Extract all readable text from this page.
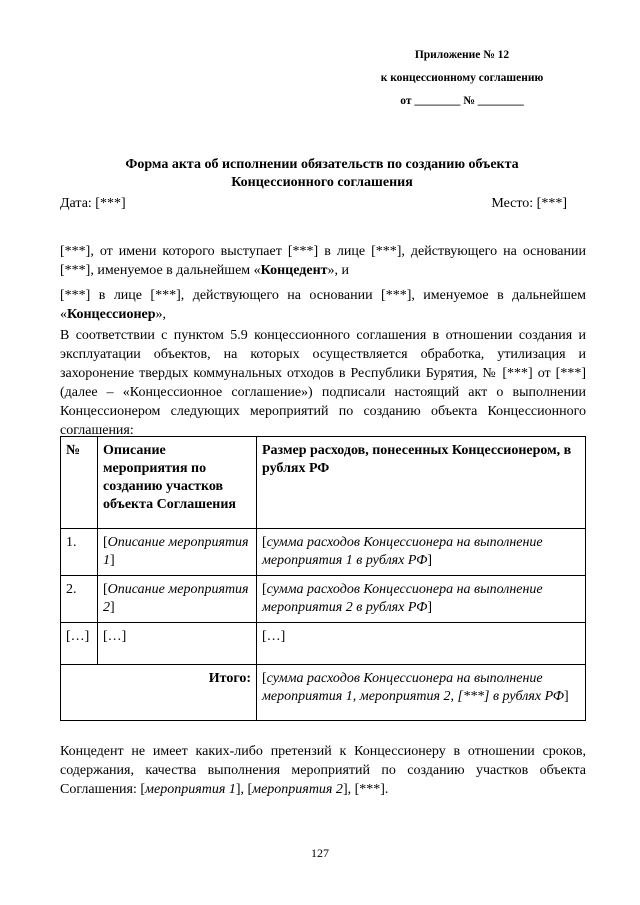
Приложение № 12
к концессионному соглашению
от ________ № ________
Форма акта об исполнении обязательств по созданию объекта
Концессионного соглашения
Дата: [***]	Место: [***]
[***], от имени которого выступает [***] в лице [***], действующего на основании [***], именуемое в дальнейшем «Концедент», и
[***] в лице [***], действующего на основании [***], именуемое в дальнейшем «Концессионер»,
В соответствии с пунктом 5.9 концессионного соглашения в отношении создания и эксплуатации объектов, на которых осуществляется обработка, утилизация и захоронение твердых коммунальных отходов в Республики Бурятия, № [***] от [***] (далее – «Концессионное соглашение») подписали настоящий акт о выполнении Концессионером следующих мероприятий по созданию объекта Концессионного соглашения:
№	Описание мероприятия по созданию участков объекта Соглашения	Размер расходов, понесенных Концессионером, в рублях РФ
1.	[Описание мероприятия 1]	[сумма расходов Концессионера на выполнение мероприятия 1 в рублях РФ]
2.	[Описание мероприятия 2]	[сумма расходов Концессионера на выполнение мероприятия 2 в рублях РФ]
[…]	[…]	[…]
Итого:		[сумма расходов Концессионера на выполнение мероприятия 1, мероприятия 2, [***] в рублях РФ]
Концедент не имеет каких-либо претензий к Концессионеру в отношении сроков, содержания, качества выполнения мероприятий по созданию участков объекта Соглашения: [мероприятия 1], [мероприятия 2], [***].
127
